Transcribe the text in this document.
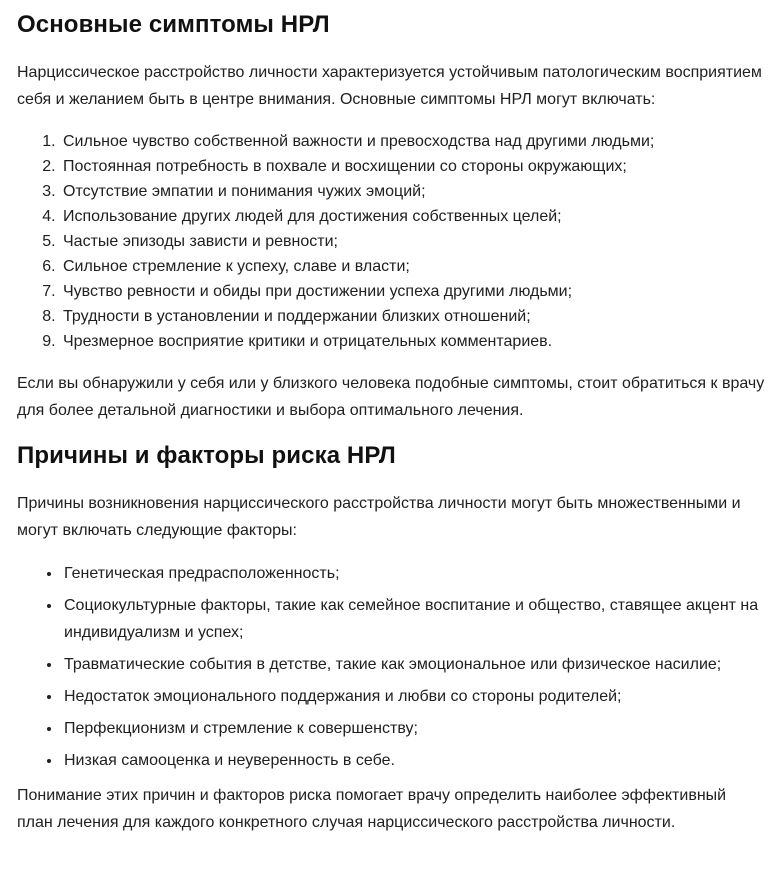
Основные симптомы НРЛ

Нарциссическое расстройство личности характеризуется устойчивым патологическим восприятием себя и желанием быть в центре внимания. Основные симптомы НРЛ могут включать:

1. Сильное чувство собственной важности и превосходства над другими людьми;
2. Постоянная потребность в похвале и восхищении со стороны окружающих;
3. Отсутствие эмпатии и понимания чужих эмоций;
4. Использование других людей для достижения собственных целей;
5. Частые эпизоды зависти и ревности;
6. Сильное стремление к успеху, славе и власти;
7. Чувство ревности и обиды при достижении успеха другими людьми;
8. Трудности в установлении и поддержании близких отношений;
9. Чрезмерное восприятие критики и отрицательных комментариев.

Если вы обнаружили у себя или у близкого человека подобные симптомы, стоит обратиться к врачу для более детальной диагностики и выбора оптимального лечения.

Причины и факторы риска НРЛ

Причины возникновения нарциссического расстройства личности могут быть множественными и могут включать следующие факторы:

• Генетическая предрасположенность;
• Социокультурные факторы, такие как семейное воспитание и общество, ставящее акцент на индивидуализм и успех;
• Травматические события в детстве, такие как эмоциональное или физическое насилие;
• Недостаток эмоционального поддержания и любви со стороны родителей;
• Перфекционизм и стремление к совершенству;
• Низкая самооценка и неуверенность в себе.

Понимание этих причин и факторов риска помогает врачу определить наиболее эффективный план лечения для каждого конкретного случая нарциссического расстройства личности.
